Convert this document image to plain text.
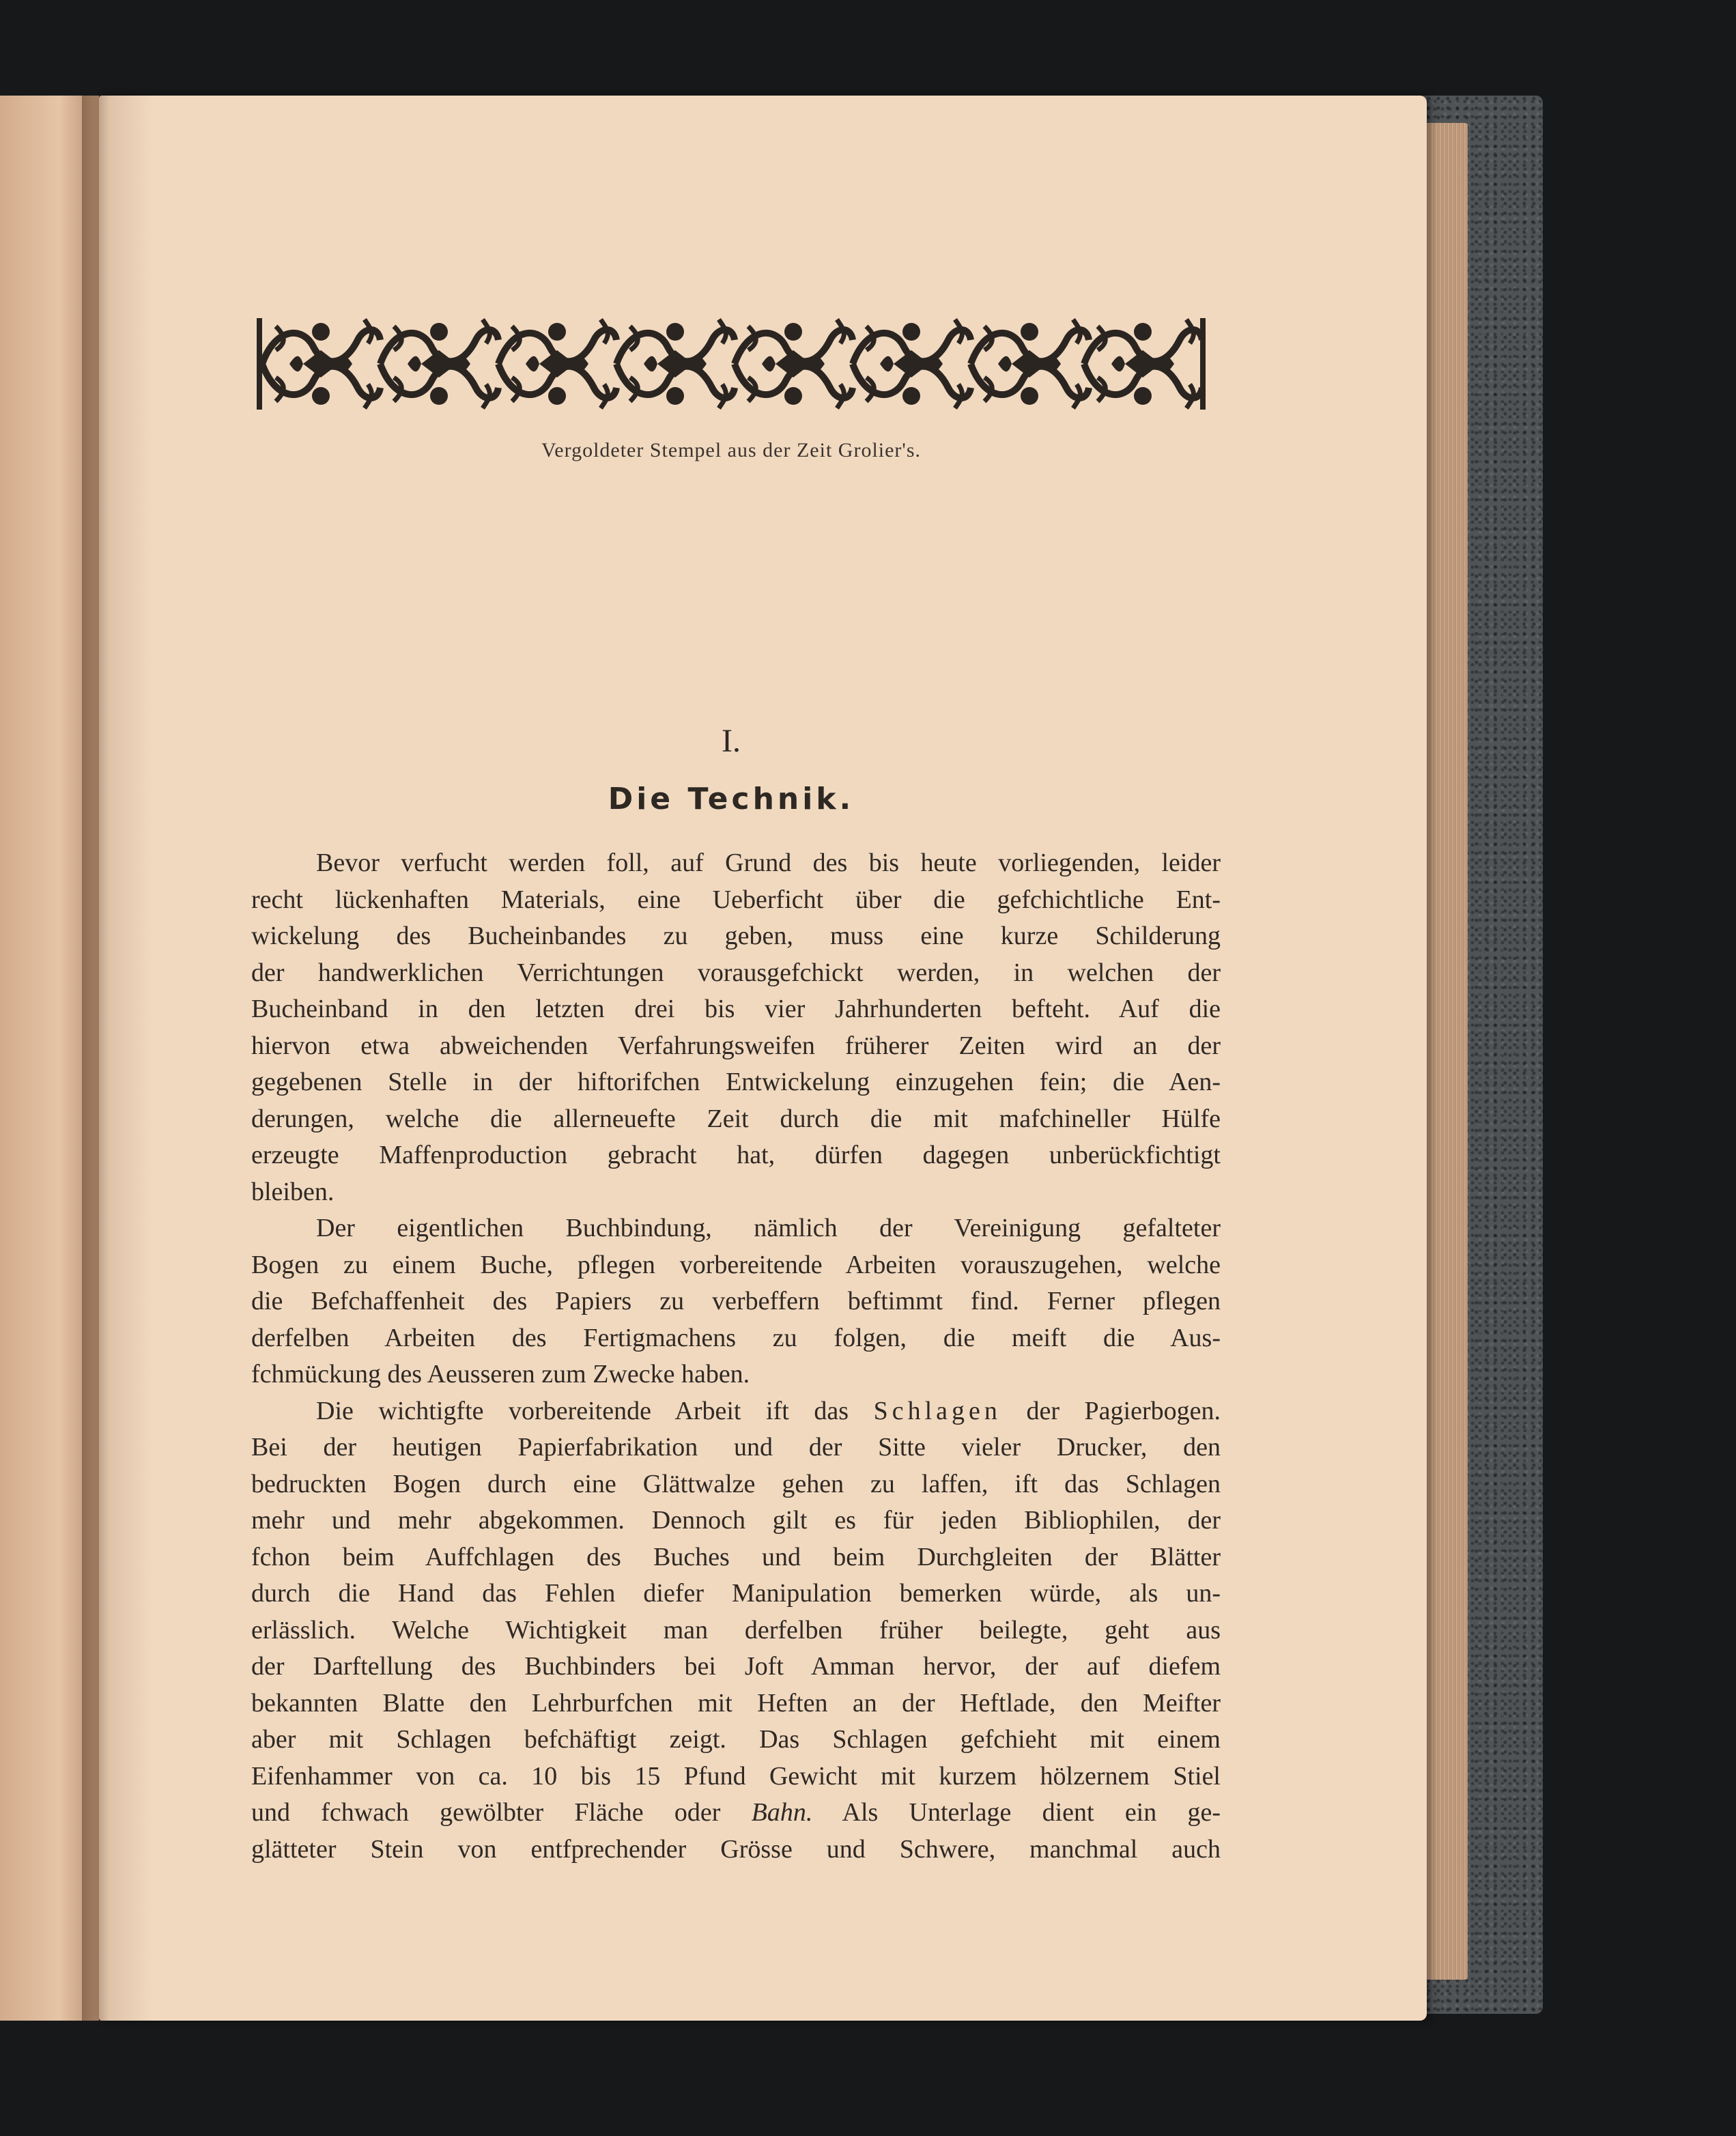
Vergoldeter Stempel aus der Zeit Grolier's.
I.
Die Technik.
Bevor verfucht werden foll, auf Grund des bis heute vorliegenden, leider
recht lückenhaften Materials, eine Ueberficht über die gefchichtliche Ent-
wickelung des Bucheinbandes zu geben, muss eine kurze Schilderung
der handwerklichen Verrichtungen vorausgefchickt werden, in welchen der
Bucheinband in den letzten drei bis vier Jahrhunderten befteht. Auf die
hiervon etwa abweichenden Verfahrungsweifen früherer Zeiten wird an der
gegebenen Stelle in der hiftorifchen Entwickelung einzugehen fein; die Aen-
derungen, welche die allerneuefte Zeit durch die mit mafchineller Hülfe
erzeugte Maffenproduction gebracht hat, dürfen dagegen unberückfichtigt
bleiben.
Der eigentlichen Buchbindung, nämlich der Vereinigung gefalteter
Bogen zu einem Buche, pflegen vorbereitende Arbeiten vorauszugehen, welche
die Befchaffenheit des Papiers zu verbeffern beftimmt find. Ferner pflegen
derfelben Arbeiten des Fertigmachens zu folgen, die meift die Aus-
fchmückung des Aeusseren zum Zwecke haben.
Die wichtigfte vorbereitende Arbeit ift das Schlagen der Pagierbogen.
Bei der heutigen Papierfabrikation und der Sitte vieler Drucker, den
bedruckten Bogen durch eine Glättwalze gehen zu laffen, ift das Schlagen
mehr und mehr abgekommen. Dennoch gilt es für jeden Bibliophilen, der
fchon beim Auffchlagen des Buches und beim Durchgleiten der Blätter
durch die Hand das Fehlen diefer Manipulation bemerken würde, als un-
erlässlich. Welche Wichtigkeit man derfelben früher beilegte, geht aus
der Darftellung des Buchbinders bei Joft Amman hervor, der auf diefem
bekannten Blatte den Lehrburfchen mit Heften an der Heftlade, den Meifter
aber mit Schlagen befchäftigt zeigt. Das Schlagen gefchieht mit einem
Eifenhammer von ca. 10 bis 15 Pfund Gewicht mit kurzem hölzernem Stiel
und fchwach gewölbter Fläche oder Bahn. Als Unterlage dient ein ge-
glätteter Stein von entfprechender Grösse und Schwere, manchmal auch
